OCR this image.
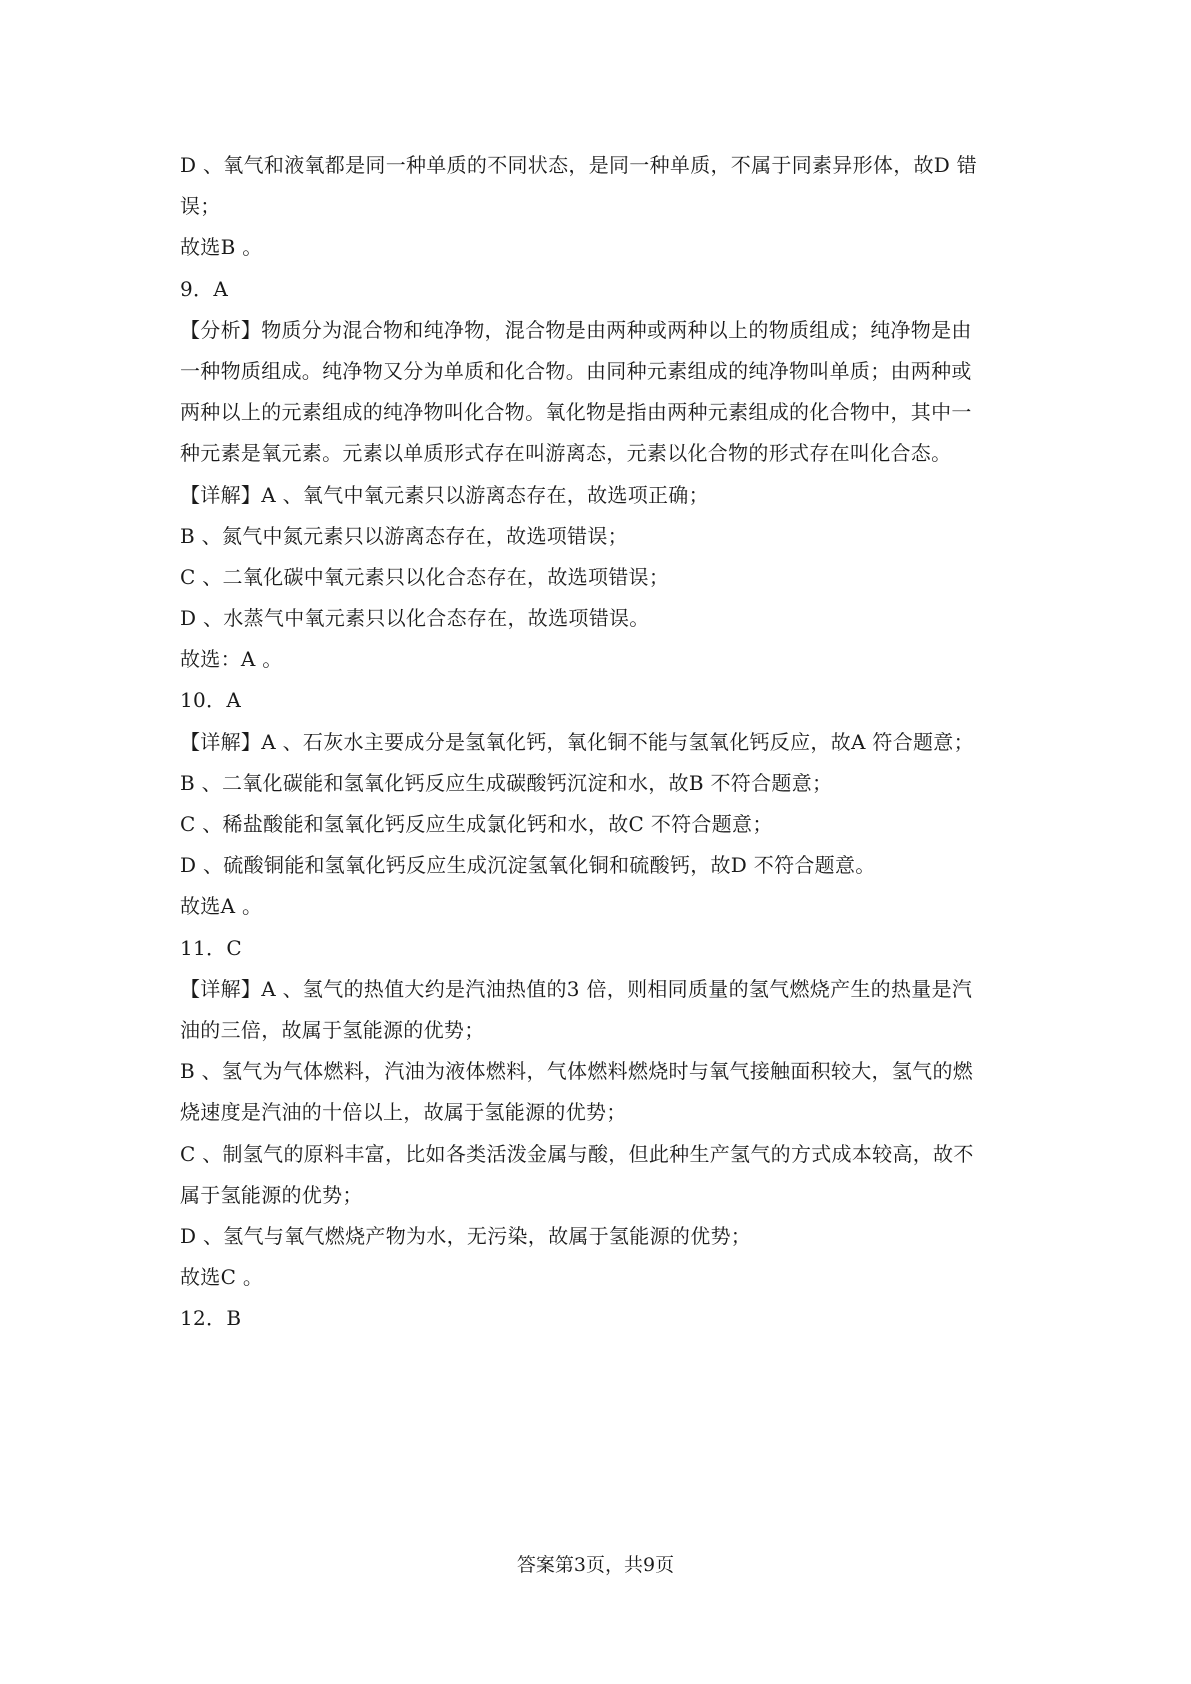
D 、氧气和液氧都是同一种单质的不同状态，是同一种单质，不属于同素异形体，故D 错
误；
故选B 。
9．A
【分析】物质分为混合物和纯净物，混合物是由两种或两种以上的物质组成；纯净物是由
一种物质组成。纯净物又分为单质和化合物。由同种元素组成的纯净物叫单质；由两种或
两种以上的元素组成的纯净物叫化合物。氧化物是指由两种元素组成的化合物中，其中一
种元素是氧元素。元素以单质形式存在叫游离态，元素以化合物的形式存在叫化合态。
【详解】A 、氧气中氧元素只以游离态存在，故选项正确；
B 、氮气中氮元素只以游离态存在，故选项错误；
C 、二氧化碳中氧元素只以化合态存在，故选项错误；
D 、水蒸气中氧元素只以化合态存在，故选项错误。
故选：A 。
10．A
【详解】A 、石灰水主要成分是氢氧化钙，氧化铜不能与氢氧化钙反应，故A 符合题意；
B 、二氧化碳能和氢氧化钙反应生成碳酸钙沉淀和水，故B 不符合题意；
C 、稀盐酸能和氢氧化钙反应生成氯化钙和水，故C 不符合题意；
D 、硫酸铜能和氢氧化钙反应生成沉淀氢氧化铜和硫酸钙，故D 不符合题意。
故选A 。
11．C
【详解】A 、氢气的热值大约是汽油热值的3 倍，则相同质量的氢气燃烧产生的热量是汽
油的三倍，故属于氢能源的优势；
B 、氢气为气体燃料，汽油为液体燃料，气体燃料燃烧时与氧气接触面积较大，氢气的燃
烧速度是汽油的十倍以上，故属于氢能源的优势；
C 、制氢气的原料丰富，比如各类活泼金属与酸，但此种生产氢气的方式成本较高，故不
属于氢能源的优势；
D 、氢气与氧气燃烧产物为水，无污染，故属于氢能源的优势；
故选C 。
12．B
答案第3页，共9页
